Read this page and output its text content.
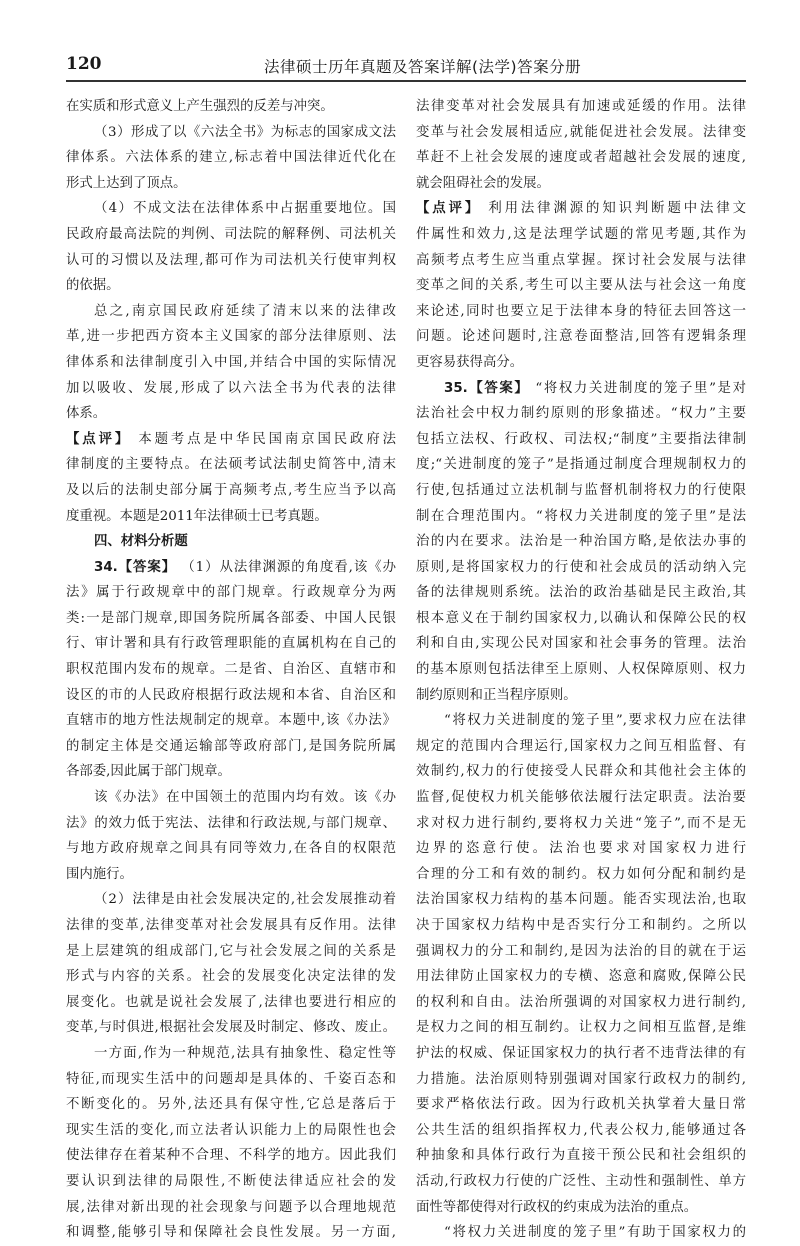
120	法律硕士历年真题及答案详解(法学)答案分册
在实质和形式意义上产生强烈的反差与冲突。
（3）形成了以《六法全书》为标志的国家成文法
律体系。六法体系的建立,标志着中国法律近代化在
形式上达到了顶点。
（4）不成文法在法律体系中占据重要地位。国
民政府最高法院的判例、司法院的解释例、司法机关
认可的习惯以及法理,都可作为司法机关行使审判权
的依据。
总之,南京国民政府延续了清末以来的法律改
革,进一步把西方资本主义国家的部分法律原则、法
律体系和法律制度引入中国,并结合中国的实际情况
加以吸收、发展,形成了以六法全书为代表的法律
体系。
【点评】 本题考点是中华民国南京国民政府法
律制度的主要特点。在法硕考试法制史简答中,清末
及以后的法制史部分属于高频考点,考生应当予以高
度重视。本题是2011年法律硕士已考真题。
四、材料分析题
34.【答案】 （1）从法律渊源的角度看,该《办
法》属于行政规章中的部门规章。行政规章分为两
类:一是部门规章,即国务院所属各部委、中国人民银
行、审计署和具有行政管理职能的直属机构在自己的
职权范围内发布的规章。二是省、自治区、直辖市和
设区的市的人民政府根据行政法规和本省、自治区和
直辖市的地方性法规制定的规章。本题中,该《办法》
的制定主体是交通运输部等政府部门,是国务院所属
各部委,因此属于部门规章。
该《办法》在中国领土的范围内均有效。该《办
法》的效力低于宪法、法律和行政法规,与部门规章、
与地方政府规章之间具有同等效力,在各自的权限范
围内施行。
（2）法律是由社会发展决定的,社会发展推动着
法律的变革,法律变革对社会发展具有反作用。法律
是上层建筑的组成部门,它与社会发展之间的关系是
形式与内容的关系。社会的发展变化决定法律的发
展变化。也就是说社会发展了,法律也要进行相应的
变革,与时俱进,根据社会发展及时制定、修改、废止。
一方面,作为一种规范,法具有抽象性、稳定性等
特征,而现实生活中的问题却是具体的、千姿百态和
不断变化的。另外,法还具有保守性,它总是落后于
现实生活的变化,而立法者认识能力上的局限性也会
使法律存在着某种不合理、不科学的地方。因此我们
要认识到法律的局限性,不断使法律适应社会的发
展,法律对新出现的社会现象与问题予以合理地规范
和调整,能够引导和保障社会良性发展。另一方面,
法律变革对社会发展具有加速或延缓的作用。法律
变革与社会发展相适应,就能促进社会发展。法律变
革赶不上社会发展的速度或者超越社会发展的速度,
就会阻碍社会的发展。
【点评】 利用法律渊源的知识判断题中法律文
件属性和效力,这是法理学试题的常见考题,其作为
高频考点考生应当重点掌握。探讨社会发展与法律
变革之间的关系,考生可以主要从法与社会这一角度
来论述,同时也要立足于法律本身的特征去回答这一
问题。论述问题时,注意卷面整洁,回答有逻辑条理
更容易获得高分。
35.【答案】 “将权力关进制度的笼子里”是对
法治社会中权力制约原则的形象描述。“权力”主要
包括立法权、行政权、司法权;“制度”主要指法律制
度;“关进制度的笼子”是指通过制度合理规制权力的
行使,包括通过立法机制与监督机制将权力的行使限
制在合理范围内。“将权力关进制度的笼子里”是法
治的内在要求。法治是一种治国方略,是依法办事的
原则,是将国家权力的行使和社会成员的活动纳入完
备的法律规则系统。法治的政治基础是民主政治,其
根本意义在于制约国家权力,以确认和保障公民的权
利和自由,实现公民对国家和社会事务的管理。法治
的基本原则包括法律至上原则、人权保障原则、权力
制约原则和正当程序原则。
“将权力关进制度的笼子里”,要求权力应在法律
规定的范围内合理运行,国家权力之间互相监督、有
效制约,权力的行使接受人民群众和其他社会主体的
监督,促使权力机关能够依法履行法定职责。法治要
求对权力进行制约,要将权力关进“笼子”,而不是无
边界的恣意行使。法治也要求对国家权力进行
合理的分工和有效的制约。权力如何分配和制约是
法治国家权力结构的基本问题。能否实现法治,也取
决于国家权力结构中是否实行分工和制约。之所以
强调权力的分工和制约,是因为法治的目的就在于运
用法律防止国家权力的专横、恣意和腐败,保障公民
的权利和自由。法治所强调的对国家权力进行制约,
是权力之间的相互制约。让权力之间相互监督,是维
护法的权威、保证国家权力的执行者不违背法律的有
力措施。法治原则特别强调对国家行政权力的制约,
要求严格依法行政。因为行政机关执掌着大量日常
公共生活的组织指挥权力,代表公权力,能够通过各
种抽象和具体行政行为直接干预公民和社会组织的
活动,行政权力行使的广泛性、主动性和强制性、单方
面性等都使得对行政权的约束成为法治的重点。
“将权力关进制度的笼子里”有助于国家权力的
